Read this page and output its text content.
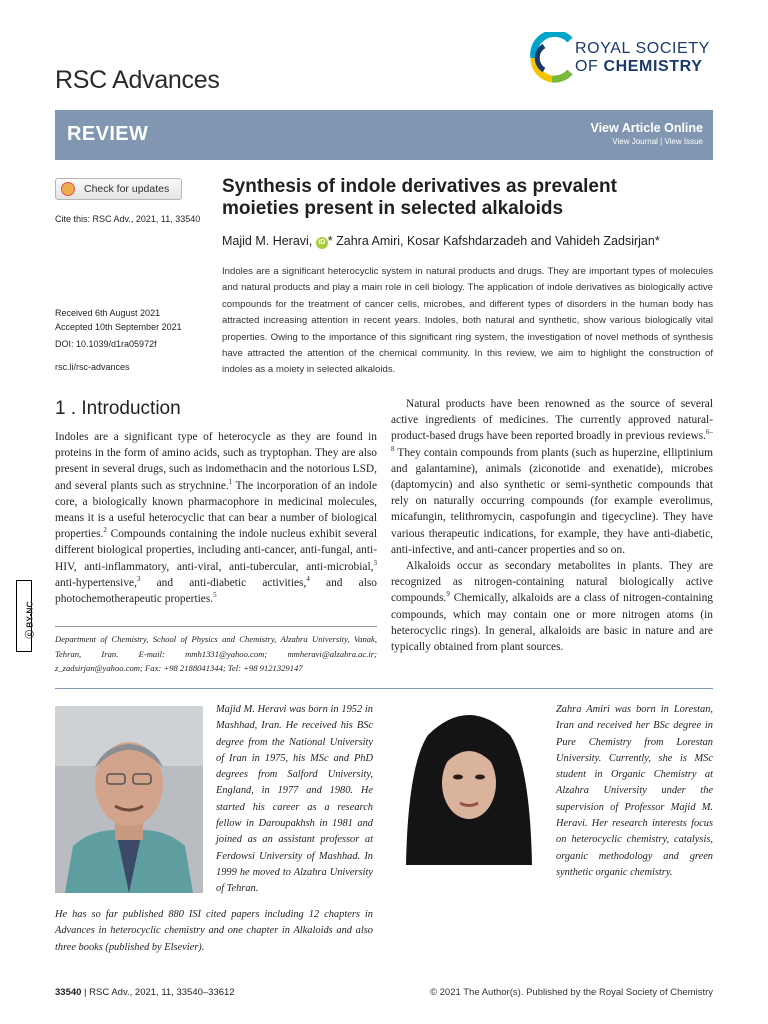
RSC Advances
ROYAL SOCIETY
OF CHEMISTRY
REVIEW	View Article Online
View Journal | View Issue
Check for updates
Cite this: RSC Adv., 2021, 11, 33540
Received 6th August 2021
Accepted 10th September 2021
DOI: 10.1039/d1ra05972f
rsc.li/rsc-advances
Synthesis of indole derivatives as prevalent moieties present in selected alkaloids
Majid M. Heravi, iD * Zahra Amiri, Kosar Kafshdarzadeh and Vahideh Zadsirjan*
Indoles are a significant heterocyclic system in natural products and drugs. They are important types of molecules and natural products and play a main role in cell biology. The application of indole derivatives as biologically active compounds for the treatment of cancer cells, microbes, and different types of disorders in the human body has attracted increasing attention in recent years. Indoles, both natural and synthetic, show various biologically vital properties. Owing to the importance of this significant ring system, the investigation of novel methods of synthesis have attracted the attention of the chemical community. In this review, we aim to highlight the construction of indoles as a moiety in selected alkaloids.
1 . Introduction

Indoles are a significant type of heterocycle as they are found in proteins in the form of amino acids, such as tryptophan. They are also present in several drugs, such as indomethacin and the notorious LSD, and several plants such as strychnine.$^1$ The incorporation of an indole core, a biologically known pharmacophore in medicinal molecules, means it is a useful heterocyclic that can bear a number of biological properties.$^2$ Compounds containing the indole nucleus exhibit several different biological properties, including anti-cancer, anti-fungal, anti-HIV, anti-inflammatory, anti-viral, anti-tubercular, anti-microbial,$^3$ anti-hypertensive,$^3$ and anti-diabetic activities,$^4$ and also photochemotherapeutic properties.$^5$

Natural products have been renowned as the source of several active ingredients of medicines. The currently approved natural-product-based drugs have been reported broadly in previous reviews.$^{6-8}$ They contain compounds from plants (such as huperzine, elliptinium and galantamine), animals (ziconotide and exenatide), microbes (daptomycin) and also synthetic or semi-synthetic compounds that rely on naturally occurring compounds (for example everolimus, micafungin, telithromycin, caspofungin and tigecycline). They have various therapeutic indications, for example, they have anti-diabetic, anti-infective, and anti-cancer properties and so on.

Alkaloids occur as secondary metabolites in plants. They are recognized as nitrogen-containing natural biologically active compounds.$^9$ Chemically, alkaloids are a class of nitrogen-containing compounds, which may contain one or more nitrogen atoms (in heterocyclic rings). In general, alkaloids are basic in nature and are typically obtained from plant sources.

ⓒ BY-NC
Department of Chemistry, School of Physics and Chemistry, Alzahra University, Vanak, Tehran, Iran. E-mail: mmh1331@yahoo.com; mmheravi@alzahra.ac.ir; z_zadsirjan@yahoo.com; Fax: +98 2188041344; Tel: +98 9121329147
Majid M. Heravi was born in 1952 in Mashhad, Iran. He received his BSc degree from the National University of Iran in 1975, his MSc and PhD degrees from Salford University, England, in 1977 and 1980. He started his career as a research fellow in Daroupakhsh in 1981 and joined as an assistant professor at Ferdowsi University of Mashhad. In 1999 he moved to Alzahra University of Tehran.
He has so far published 880 ISI cited papers including 12 chapters in Advances in heterocyclic chemistry and one chapter in Alkaloids and also three books (published by Elsevier).
Zahra Amiri was born in Lorestan, Iran and received her BSc degree in Pure Chemistry from Lorestan University. Currently, she is MSc student in Organic Chemistry at Alzahra University under the supervision of Professor Majid M. Heravi. Her research interests focus on heterocyclic chemistry, catalysis, organic methodology and green synthetic organic chemistry.
33540 | RSC Adv., 2021, 11, 33540–33612	© 2021 The Author(s). Published by the Royal Society of Chemistry
